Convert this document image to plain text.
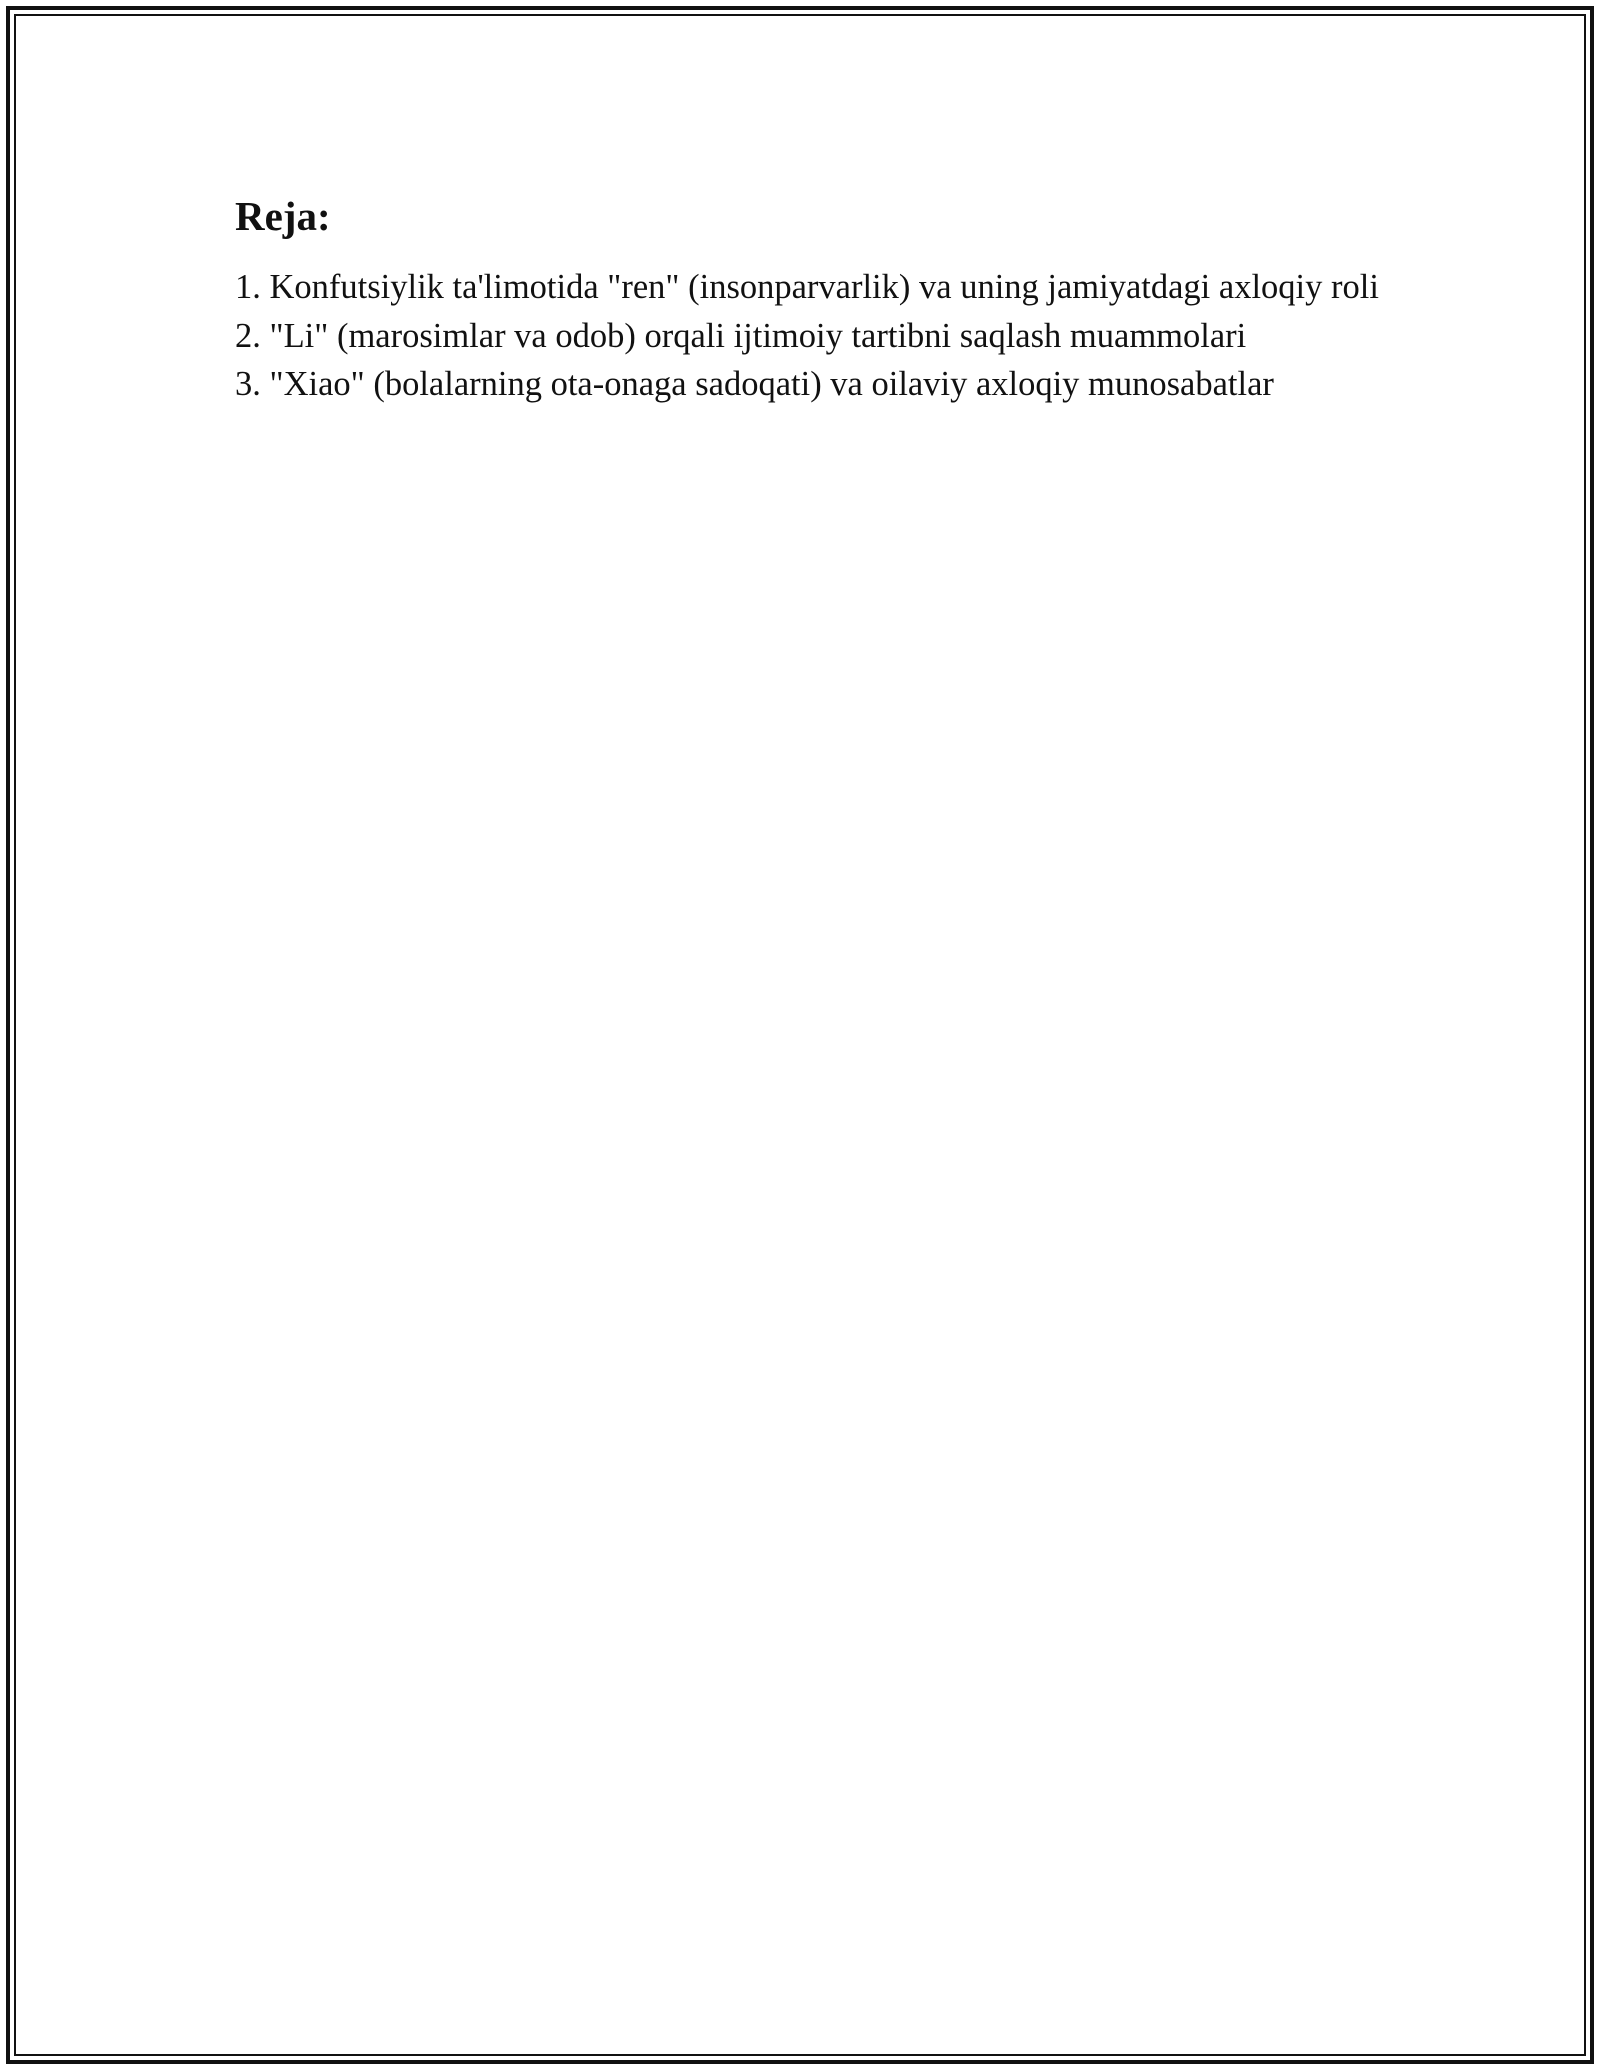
Reja:
1. Konfutsiylik ta'limotida "ren" (insonparvarlik) va uning jamiyatdagi axloqiy roli
2. "Li" (marosimlar va odob) orqali ijtimoiy tartibni saqlash muammolari
3. "Xiao" (bolalarning ota-onaga sadoqati) va oilaviy axloqiy munosabatlar
